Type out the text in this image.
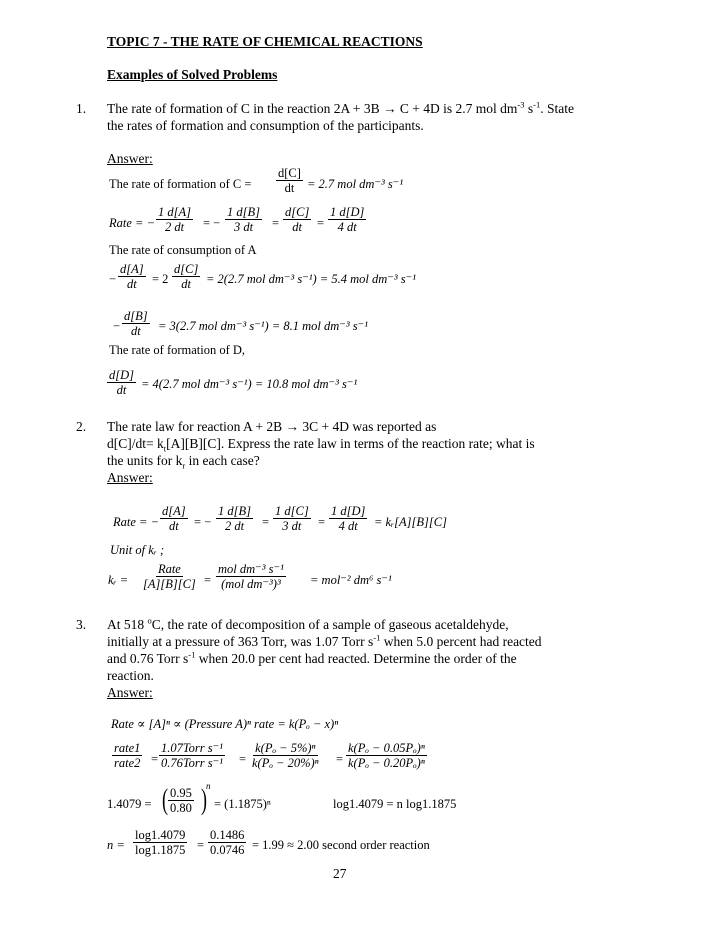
TOPIC 7 - THE RATE OF CHEMICAL REACTIONS
Examples of Solved Problems
1. The rate of formation of C in the reaction 2A + 3B → C + 4D is 2.7 mol $dm^{-3}$ $s^{-1}$. State
the rates of formation and consumption of the participants.
Answer:
The rate of formation of $C = \frac{d[C]}{dt} = 2.7$ mol dm⁻³ s⁻¹
Rate = − $\frac{1 d[A]}{2 dt}$ = − $\frac{1 d[B]}{3 dt} = \frac{d[C]}{dt} = \frac{1 d[D]}{4 dt}$
The rate of consumption of A
− $\frac{d[A]}{dt} = 2 \frac{d[C]}{dt} = 2(2.7$ mol dm⁻³ s⁻¹) = 5.4 mol dm⁻³ s⁻¹
− $\frac{d[B]}{dt} = 3(2.7$ mol dm⁻³ s⁻¹) = 8.1 mol dm⁻³ s⁻¹
The rate of formation of D,
$\frac{d[D]}{dt} = 4(2.7$ mol dm⁻³ s⁻¹) = 10.8 mol dm⁻³ s⁻¹
2. The rate law for reaction A + 2B → 3C + 4D was reported as
$d[C]/dt= k_t[A][B][C]$. Express the rate law in terms of the reaction rate; what is
the units for $k_r$ in each case?
Answer:
Rate = − $\frac{d[A]}{dt}$ = − $\frac{1 d[B]}{2 dt} = \frac{1 d[C]}{3 dt} = \frac{1 d[D]}{4 dt}$ = kᵣ[A][B][C]
Unit of kᵣ ;
kᵣ =
Rate
[A][B][C] =
mol dm⁻³ s⁻¹
(mol dm⁻³)³ = mol⁻² dm⁶ s⁻¹
3. At 518 $^o$C, the rate of decomposition of a sample of gaseous acetaldehyde,
initially at a pressure of 363 Torr, was 1.07 Torr $s^{-1}$ when 5.0 percent had reacted
and 0.76 Torr $s^{-1}$ when 20.0 per cent had reacted. Determine the order of the
reaction.
Answer:
Rate ∝ [A]ⁿ ∝ (Pressure A)ⁿ rate = k(Pₒ − x)ⁿ
rate1
rate2 =
1.07Torr s⁻¹
0.76Torr $s^{-1} = \frac{\text{k(Pₒ − 5\%)ⁿ}}{\text{k(Pₒ − 20\%)ⁿ}} = \frac{\text{k(Pₒ − 0.05Pₒ)ⁿ}}{\text{k(Pₒ − 0.20Pₒ)ⁿ}}$
1.4079 = ( $\frac{0.95}{0.80}$ ) n
= (1.1875)ⁿ	log1.4079 = n log1.1875
$n = \frac{\log 1.4079}{\log 1.1875} = \frac{0.1486}{0.0746} = 1.99 \approx 2.00$ second order reaction
27
